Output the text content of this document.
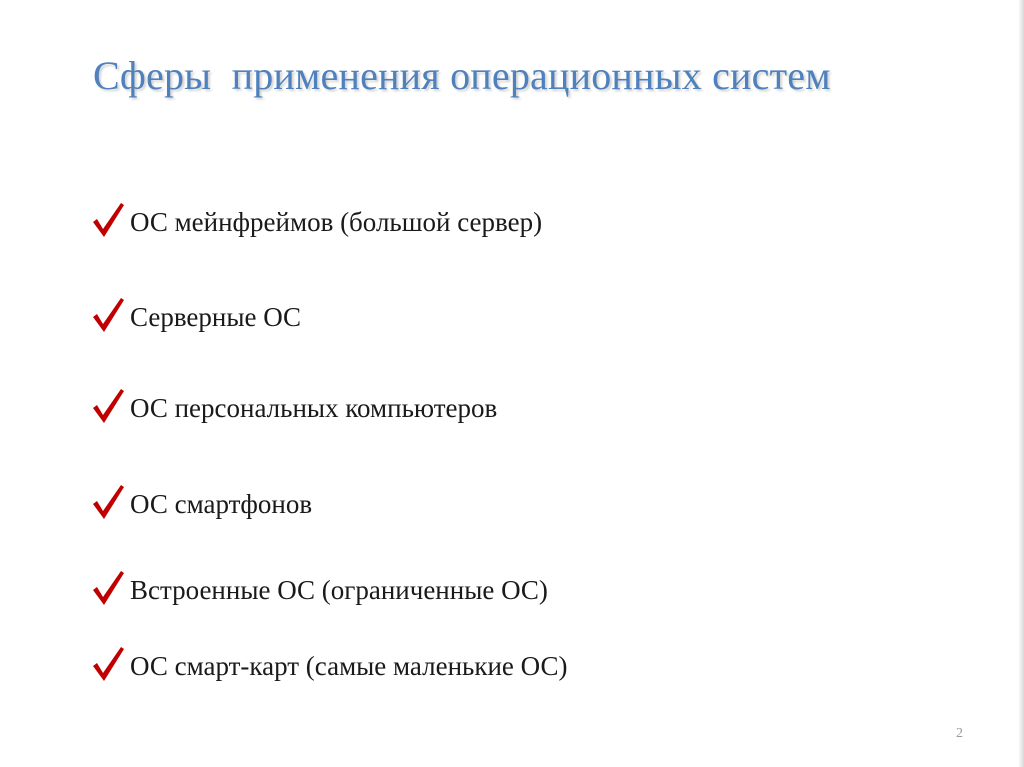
Сферы  применения операционных систем
ОС мейнфреймов (большой сервер)
Серверные ОС
ОС персональных компьютеров
ОС смартфонов
Встроенные ОС (ограниченные ОС)
ОС смарт-карт (самые маленькие ОС)
2
